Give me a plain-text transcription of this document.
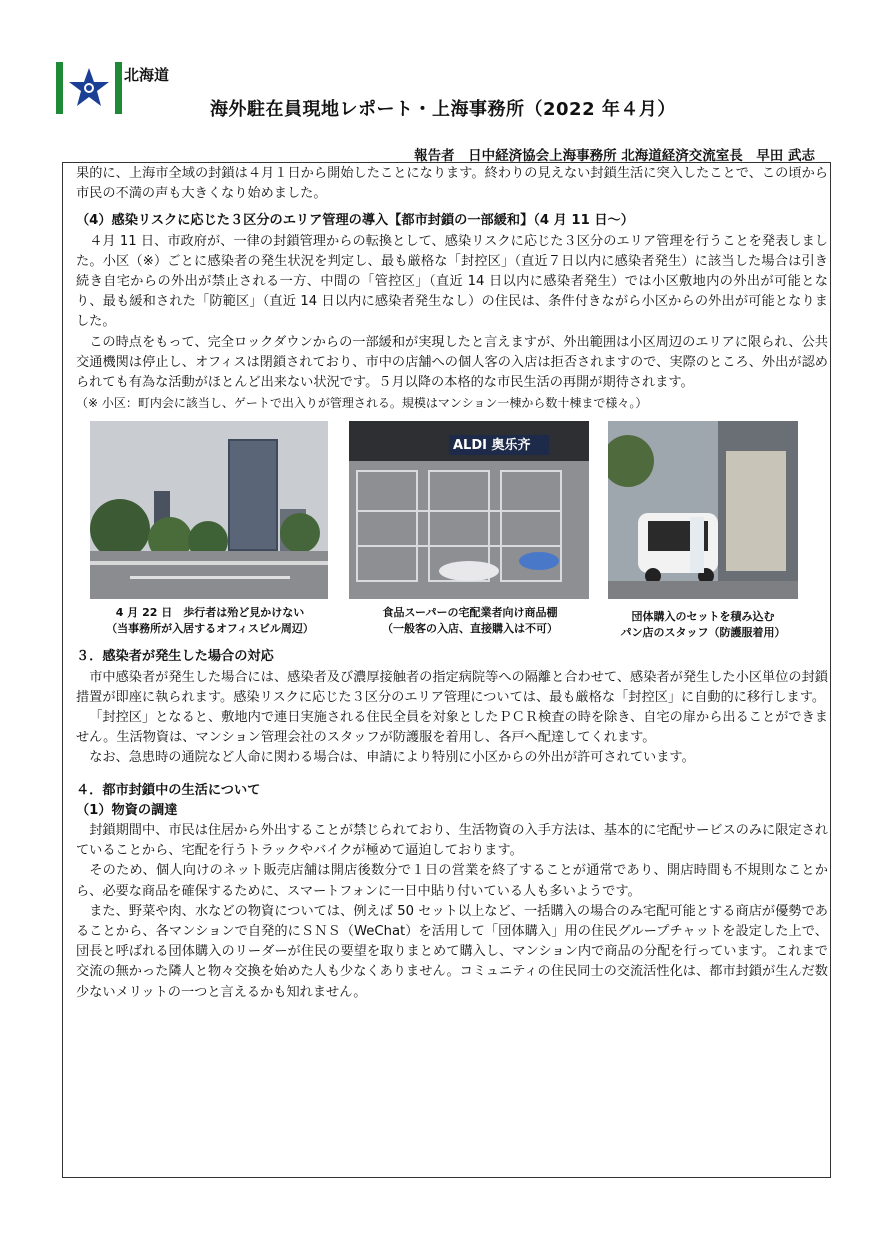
北海道
海外駐在員現地レポート・上海事務所（2022 年４月）
報告者　日中経済協会上海事務所 北海道経済交流室長　早田 武志

果的に、上海市全域の封鎖は４月１日から開始したことになります。終わりの見えない封鎖生活に突入したことで、この頃から市民の不満の声も大きくなり始めました。

（4）感染リスクに応じた３区分のエリア管理の導入【都市封鎖の一部緩和】（4 月 11 日～）

４月 11 日、市政府が、一律の封鎖管理からの転換として、感染リスクに応じた３区分のエリア管理を行うことを発表しました。小区（※）ごとに感染者の発生状況を判定し、最も厳格な「封控区」（直近７日以内に感染者発生）に該当した場合は引き続き自宅からの外出が禁止される一方、中間の「管控区」（直近 14 日以内に感染者発生）では小区敷地内の外出が可能となり、最も緩和された「防範区」（直近 14 日以内に感染者発生なし）の住民は、条件付きながら小区からの外出が可能となりました。

この時点をもって、完全ロックダウンからの一部緩和が実現したと言えますが、外出範囲は小区周辺のエリアに限られ、公共交通機関は停止し、オフィスは閉鎖されており、市中の店舗への個人客の入店は拒否されますので、実際のところ、外出が認められても有為な活動がほとんど出来ない状況です。５月以降の本格的な市民生活の再開が期待されます。

（※ 小区：町内会に該当し、ゲートで出入りが管理される。規模はマンション一棟から数十棟まで様々。）

ALDI 奥乐齐
4 月 22 日　歩行者は殆ど見かけない
（当事務所が入居するオフィスビル周辺）
食品スーパーの宅配業者向け商品棚
（一般客の入店、直接購入は不可）
団体購入のセットを積み込む
パン店のスタッフ（防護服着用）

３．感染者が発生した場合の対応

市中感染者が発生した場合には、感染者及び濃厚接触者の指定病院等への隔離と合わせて、感染者が発生した小区単位の封鎖措置が即座に執られます。感染リスクに応じた３区分のエリア管理については、最も厳格な「封控区」に自動的に移行します。

「封控区」となると、敷地内で連日実施される住民全員を対象としたＰＣＲ検査の時を除き、自宅の扉から出ることができません。生活物資は、マンション管理会社のスタッフが防護服を着用し、各戸へ配達してくれます。

なお、急患時の通院など人命に関わる場合は、申請により特別に小区からの外出が許可されています。

４．都市封鎖中の生活について

（1）物資の調達

封鎖期間中、市民は住居から外出することが禁じられており、生活物資の入手方法は、基本的に宅配サービスのみに限定されていることから、宅配を行うトラックやバイクが極めて逼迫しております。

そのため、個人向けのネット販売店舗は開店後数分で１日の営業を終了することが通常であり、開店時間も不規則なことから、必要な商品を確保するために、スマートフォンに一日中貼り付いている人も多いようです。

また、野菜や肉、水などの物資については、例えば 50 セット以上など、一括購入の場合のみ宅配可能とする商店が優勢であることから、各マンションで自発的にＳＮＳ（WeChat）を活用して「団体購入」用の住民グループチャットを設定した上で、団長と呼ばれる団体購入のリーダーが住民の要望を取りまとめて購入し、マンション内で商品の分配を行っています。これまで交流の無かった隣人と物々交換を始めた人も少なくありません。コミュニティの住民同士の交流活性化は、都市封鎖が生んだ数少ないメリットの一つと言えるかも知れません。
